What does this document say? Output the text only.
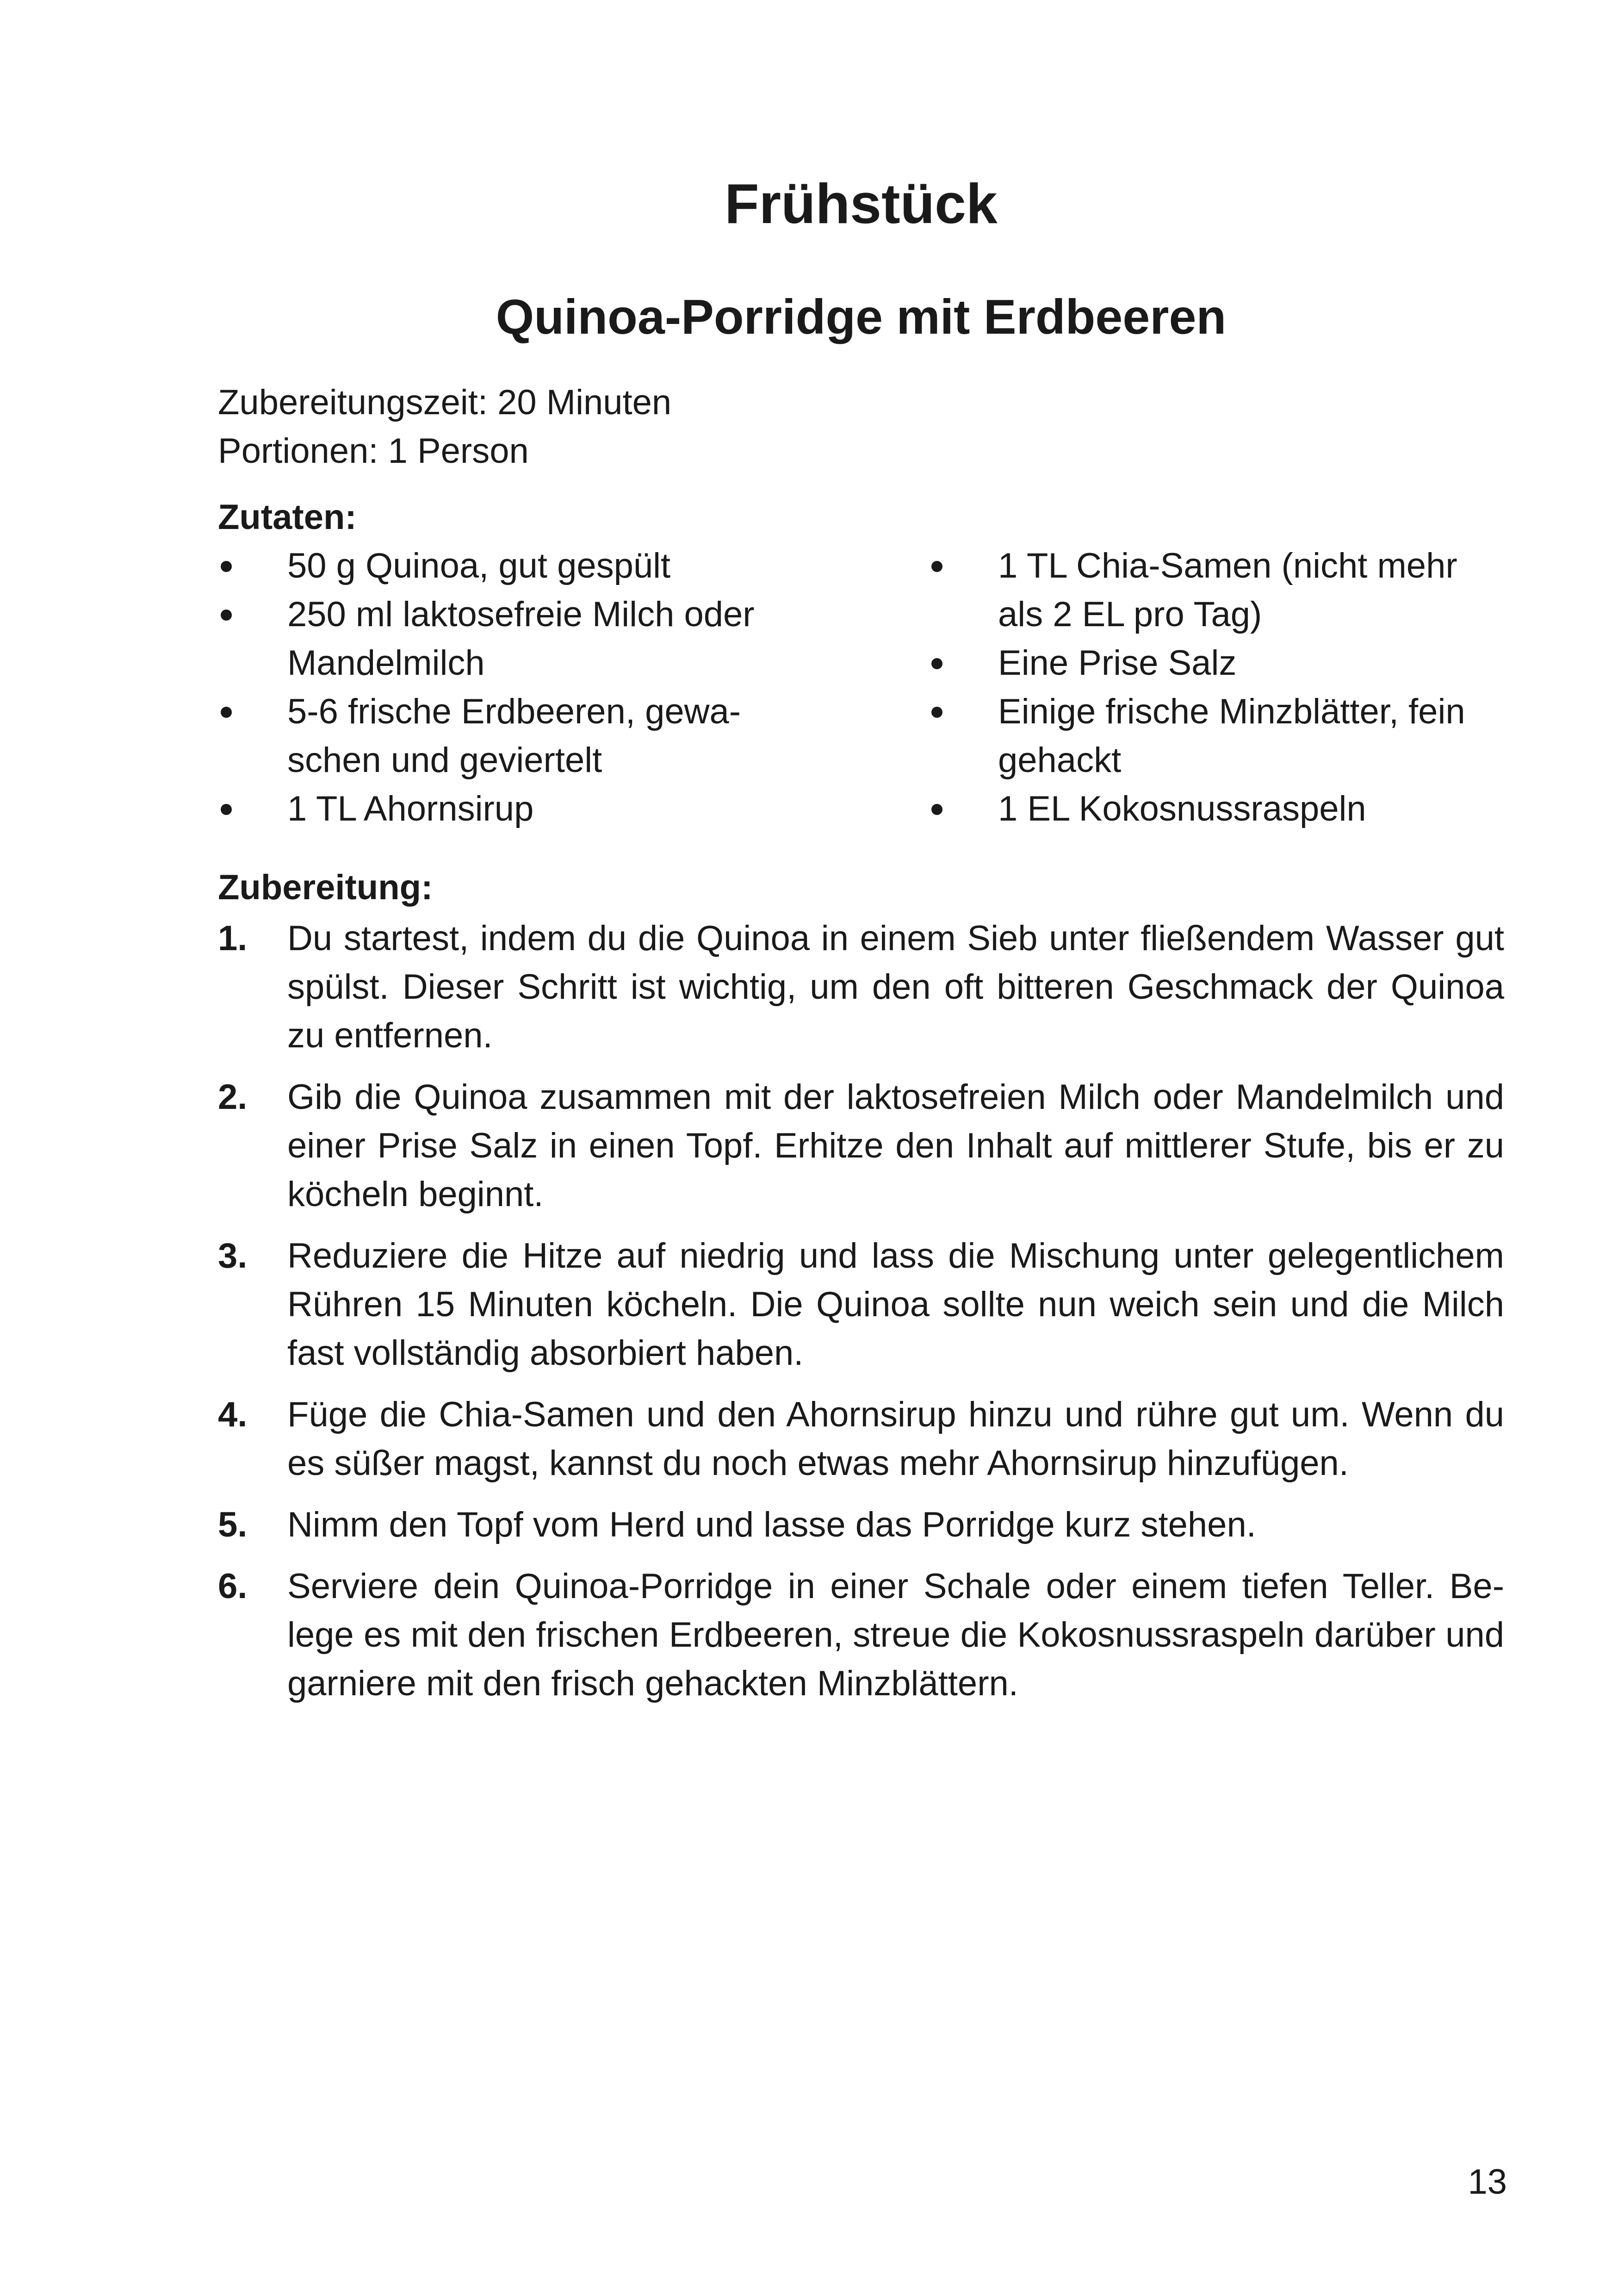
Frühstück
Quinoa-Porridge mit Erdbeeren
Zubereitungszeit: 20 Minuten
Portionen: 1 Person
Zutaten:
50 g Quinoa, gut gespült
250 ml laktosefreie Milch oder Mandelmilch
5-6 frische Erdbeeren, gewaschen und geviertelt
1 TL Ahornsirup
1 TL Chia-Samen (nicht mehr als 2 EL pro Tag)
Eine Prise Salz
Einige frische Minzblätter, fein gehackt
1 EL Kokosnussraspeln
Zubereitung:
1. Du startest, indem du die Quinoa in einem Sieb unter fließendem Wasser gut spülst. Dieser Schritt ist wichtig, um den oft bitteren Geschmack der Quinoa zu entfernen.
2. Gib die Quinoa zusammen mit der laktosefreien Milch oder Mandelmilch und einer Prise Salz in einen Topf. Erhitze den Inhalt auf mittlerer Stufe, bis er zu köcheln beginnt.
3. Reduziere die Hitze auf niedrig und lass die Mischung unter gelegentlichem Rühren 15 Minuten köcheln. Die Quinoa sollte nun weich sein und die Milch fast vollständig absorbiert haben.
4. Füge die Chia-Samen und den Ahornsirup hinzu und rühre gut um. Wenn du es süßer magst, kannst du noch etwas mehr Ahornsirup hinzufügen.
5. Nimm den Topf vom Herd und lasse das Porridge kurz stehen.
6. Serviere dein Quinoa-Porridge in einer Schale oder einem tiefen Teller. Belege es mit den frischen Erdbeeren, streue die Kokosnussraspeln darüber und garniere mit den frisch gehackten Minzblättern.
13
